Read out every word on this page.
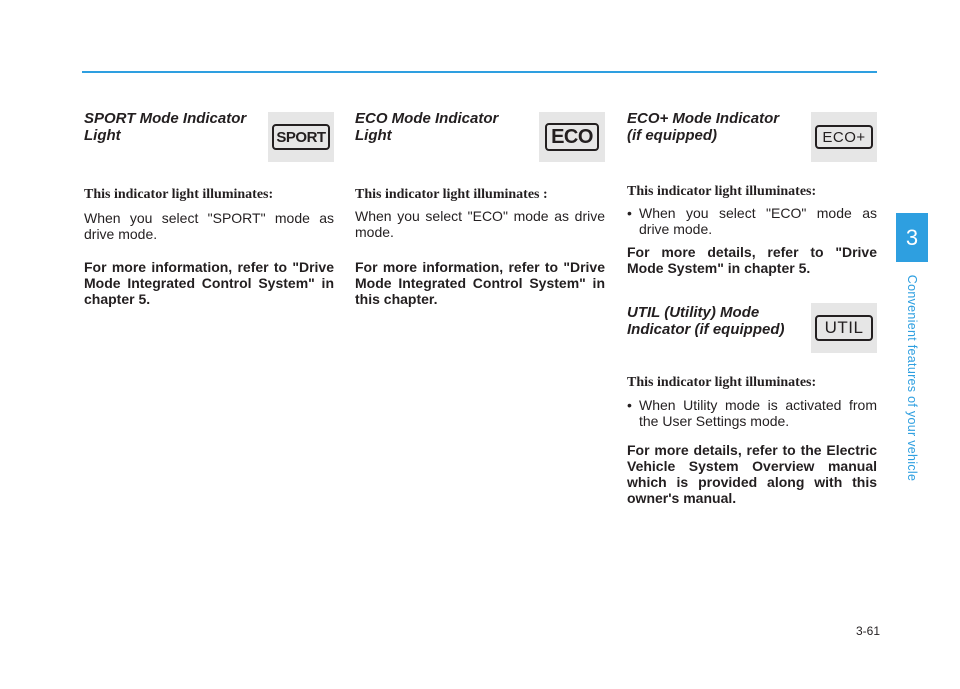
SPORT Mode Indicator
Light	SPORT
This indicator light illuminates:

When you select "SPORT" mode as drive mode.

For more information, refer to "Drive Mode Integrated Control System" in chapter 5.

ECO Mode Indicator
Light	ECO
This indicator light illuminates :

When you select "ECO" mode as drive mode.

For more information, refer to "Drive Mode Integrated Control System" in this chapter.

ECO+ Mode Indicator
(if equipped)	ECO+
This indicator light illuminates:
• When you select "ECO" mode as drive mode.

For more details, refer to "Drive Mode System" in chapter 5.

UTIL (Utility) Mode
Indicator (if equipped)	UTIL
This indicator light illuminates:
• When Utility mode is activated from the User Settings mode.

For more details, refer to the Electric Vehicle System Overview manual which is provided along with this owner's manual.

3
Convenient features of your vehicle
3-61
